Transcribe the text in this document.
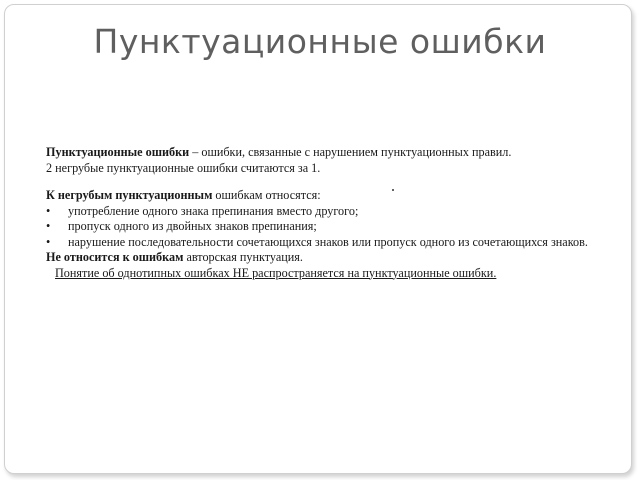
Пунктуационные ошибки

Пунктуационные ошибки – ошибки, связанные с нарушением пунктуационных правил.

2 негрубые пунктуационные ошибки считаются за 1.

К негрубым пунктуационным ошибкам относятся:

• употребление одного знака препинания вместо другого;
• пропуск одного из двойных знаков препинания;
• нарушение последовательности сочетающихся знаков или пропуск одного из сочетающихся знаков.

Не относится к ошибкам авторская пунктуация.

Понятие об однотипных ошибках НЕ распространяется на пунктуационные ошибки.
